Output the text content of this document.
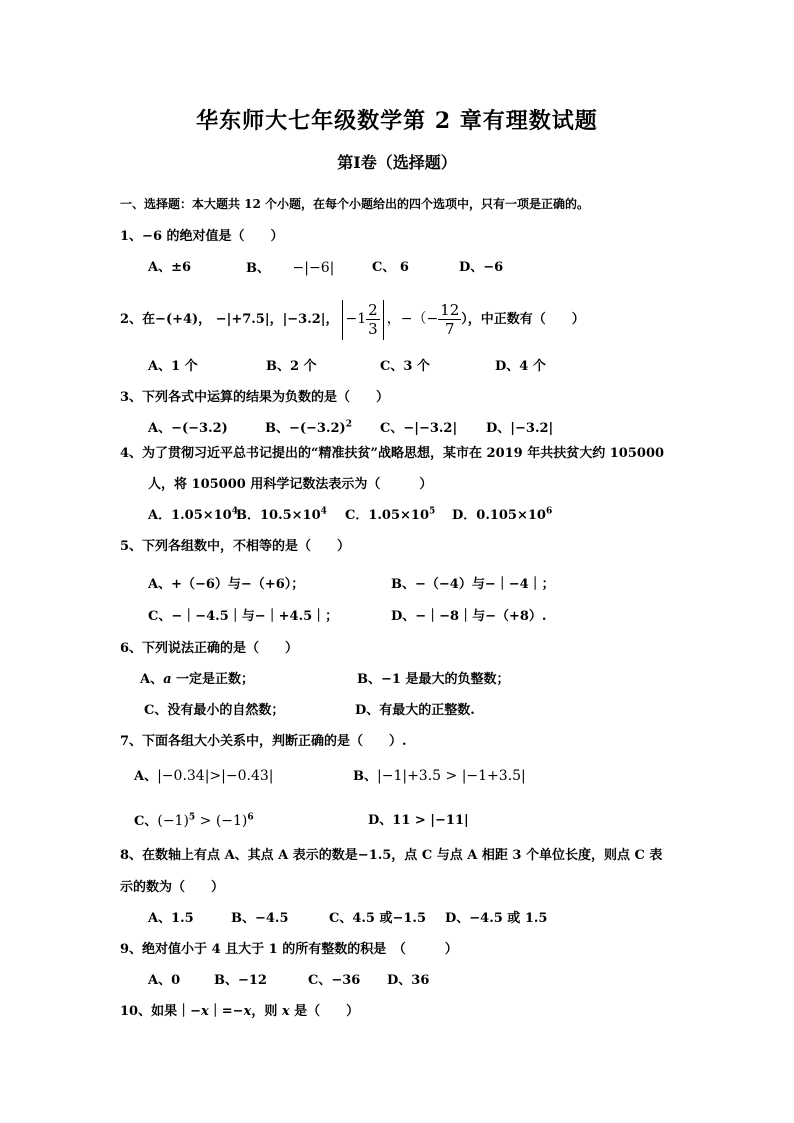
华东师大七年级数学第 2 章有理数试题
第Ⅰ卷（选择题）
一、选择题：本大题共 12 个小题，在每个小题给出的四个选项中，只有一项是正确的。
1、−6 的绝对值是（　　）
A、±6	B、 −|−6|	C、 6	D、−6
2、在−(+4)， −|+7.5|，|−3.2|， $-1 \frac{2}{3}$ ，−（− $\frac{12}{7}$ ），中正数有（　　）
A、1 个	B、2 个	C、3 个	D、4 个
3、下列各式中运算的结果为负数的是（　　）
A、−(−3.2)	B、$-(-3.2)^2$ C、−|−3.2| D、|−3.2|
4、为了贯彻习近平总书记提出的“精准扶贫”战略思想，某市在 2019 年共扶贫大约 105000
人，将 105000 用科学记数法表示为（　　　）
A．$1.05\times 10^4$
B．$10.5\times 10^4$ C．$1.05\times 10^5$ D．$0.105\times 10^6$
5、下列各组数中，不相等的是（　　）
A、+（−6）与−（+6）；	B、−（−4）与−｜−4｜；
C、−｜−4.5｜与−｜+4.5｜；	D、−｜−8｜与−（+8）.
6、下列说法正确的是（　　）
A、a 一定是正数；	B、−1 是最大的负整数；
C、没有最小的自然数；	D、有最大的正整数.
7、下面各组大小关系中，判断正确的是（　　）.
A、|−0.34|>|−0.43|	B、|−1|+3.5 > |−1+3.5|
C、$(-1)^5 > (-1)^6$	D、11 > |−11|
8、在数轴上有点 A、其点 A 表示的数是−1.5，点 C 与点 A 相距 3 个单位长度，则点 C 表
示的数为（　　）
A、1.5	B、−4.5	C、4.5 或−1.5 D、−4.5 或 1.5
9、绝对值小于 4 且大于 1 的所有整数的积是　（　　　）
A、0	B、−12	C、−36 D、36
10、如果｜−x｜=−x，则 x 是（　　）
